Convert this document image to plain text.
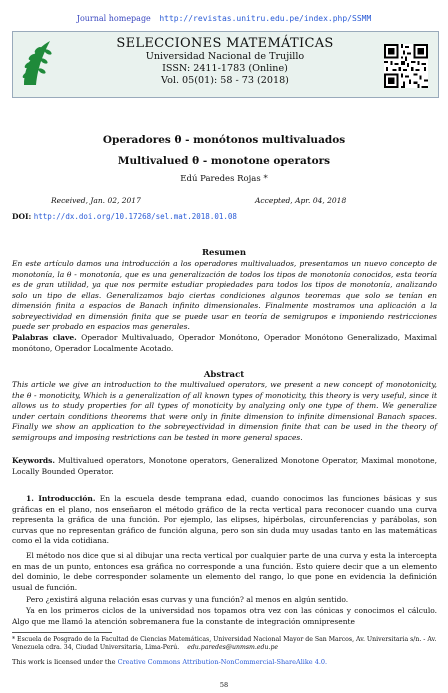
Journal homepage http://revistas.unitru.edu.pe/index.php/SSMM
SELECCIONES MATEMÁTICAS
Universidad Nacional de Trujillo
ISSN: 2411-1783 (Online)
Vol. 05(01): 58 - 73 (2018)
Operadores θ - monótonos multivaluados
Multivalued θ - monotone operators
Edú Paredes Rojas *
Received, Jan. 02, 2017	Accepted, Apr. 04, 2018
DOI: http://dx.doi.org/10.17268/sel.mat.2018.01.08
Resumen
En este artículo damos una introducción a los operadores multivaluados, presentamos un nuevo concepto de monotonía, la θ - monotonía, que es una generalización de todos los tipos de monotonía conocidos, esta teoría es de gran utilidad, ya que nos permite estudiar propiedades para todos los tipos de monotonía, analizando solo un tipo de ellas. Generalizamos bajo ciertas condiciones algunos teoremas que solo se tenían en dimensión finita a espacios de Banach infinito dimensionales. Finalmente mostramos una aplicación a la sobreyectividad en dimensión finita que se puede usar en teoría de semigrupos e imponiendo restricciones puede ser probado en espacios mas generales.
Palabras clave. Operador Multivaluado, Operador Monótono, Operador Monótono Generalizado, Maximal monótono, Operador Localmente Acotado.
Abstract
This article we give an introduction to the multivalued operators, we present a new concept of monotonicity, the θ - monoticity, Which is a generalization of all known types of monoticity, this theory is very useful, since it allows us to study properties for all types of monoticity by analyzing only one type of them. We generalize under certain conditions theorems that were only in finite dimension to infinite dimensional Banach spaces. Finally we show an application to the sobreyectividad in dimension finite that can be used in the theory of semigroups and imposing restrictions can be tested in more general spaces.
Keywords. Multivalued operators, Monotone operators, Generalized Monotone Operator, Maximal monotone, Locally Bounded Operator.
1. Introducción. En la escuela desde temprana edad, cuando conocimos las funciones básicas y sus gráficas en el plano, nos enseñaron el método gráfico de la recta vertical para reconocer cuando una curva representa la gráfica de una función. Por ejemplo, las elipses, hipérbolas, circunferencias y parábolas, son curvas que no representan gráfico de función alguna, pero son sin duda muy usadas tanto en las matemáticas como el la vida cotidiana.
El método nos dice que si al dibujar una recta vertical por cualquier parte de una curva y esta la intercepta en mas de un punto, entonces esa gráfica no corresponde a una función. Esto quiere decir que a un elemento del dominio, le debe corresponder solamente un elemento del rango, lo que pone en evidencia la definición usual de función.
Pero ¿existirá alguna relación esas curvas y una función? al menos en algún sentido.
Ya en los primeros ciclos de la universidad nos topamos otra vez con las cónicas y conocimos el cálculo. Algo que me llamó la atención sobremanera fue la constante de integración omnipresente
* Escuela de Posgrado de la Facultad de Ciencias Matemáticas, Universidad Nacional Mayor de San Marcos, Av. Universitaria s/n. - Av. Venezuela cdra. 34, Ciudad Universitaria, Lima-Perú. edu.paredes@unmsm.edu.pe
This work is licensed under the Creative Commons Attribution-NonCommercial-ShareAlike 4.0.
58
